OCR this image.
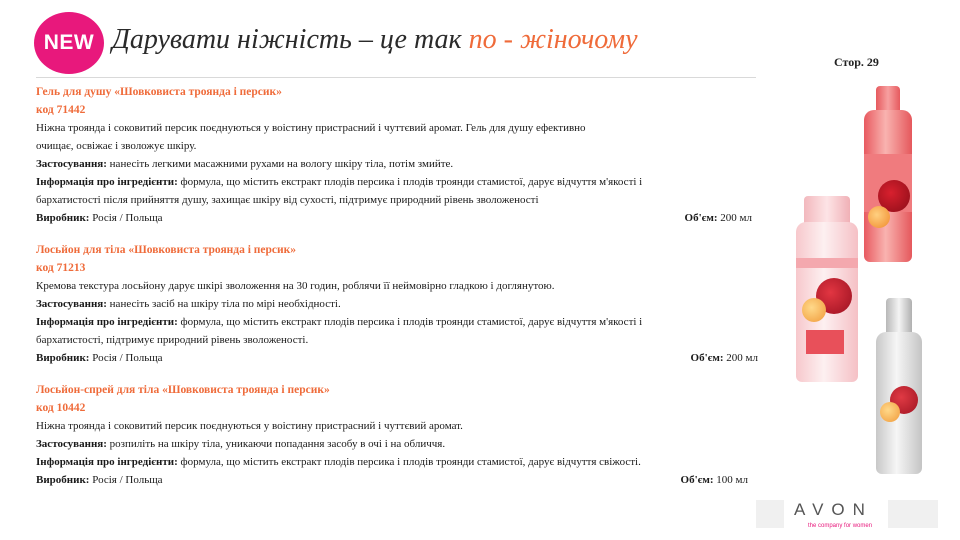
NEW Дарувати ніжність – це так по - жіночому
Стор. 29
Гель для душу «Шовковиста троянда і персик»
код 71442
Ніжна троянда і соковитий персик поєднуються у воістину пристрасний і чуттєвий аромат. Гель для душу ефективно
очищає, освіжає і зволожує шкіру.
Застосування: нанесіть легкими масажними рухами на вологу шкіру тіла, потім змийте.
Інформація про інгредієнти: формула, що містить екстракт плодів персика і плодів троянди стамистої, дарує відчуття м'якості і
бархатистості після прийняття душу, захищає шкіру від сухості, підтримує природний рівень зволоженості
Виробник: Росія / Польща	Об'єм: 200 мл
Лосьйон для тіла «Шовковиста троянда і персик»
код 71213
Кремова текстура лосьйону дарує шкірі зволоження на 30 годин, роблячи її неймовірно гладкою і доглянутою.
Застосування: нанесіть засіб на шкіру тіла по мірі необхідності.
Інформація про інгредієнти: формула, що містить екстракт плодів персика і плодів троянди стамистої, дарує відчуття м'якості і
бархатистості, підтримує природний рівень зволоженості.
Виробник: Росія / Польща	Об'єм: 200 мл
Лосьйон-спрей для тіла «Шовковиста троянда і персик»
код 10442
Ніжна троянда і соковитий персик поєднуються у воістину пристрасний і чуттєвий аромат.
Застосування: розпиліть на шкіру тіла, уникаючи попадання засобу в очі і на обличчя.
Інформація про інгредієнти: формула, що містить екстракт плодів персика і плодів троянди стамистої, дарує відчуття свіжості.
Виробник: Росія / Польща	Об'єм: 100 мл
AVON
the company for women
